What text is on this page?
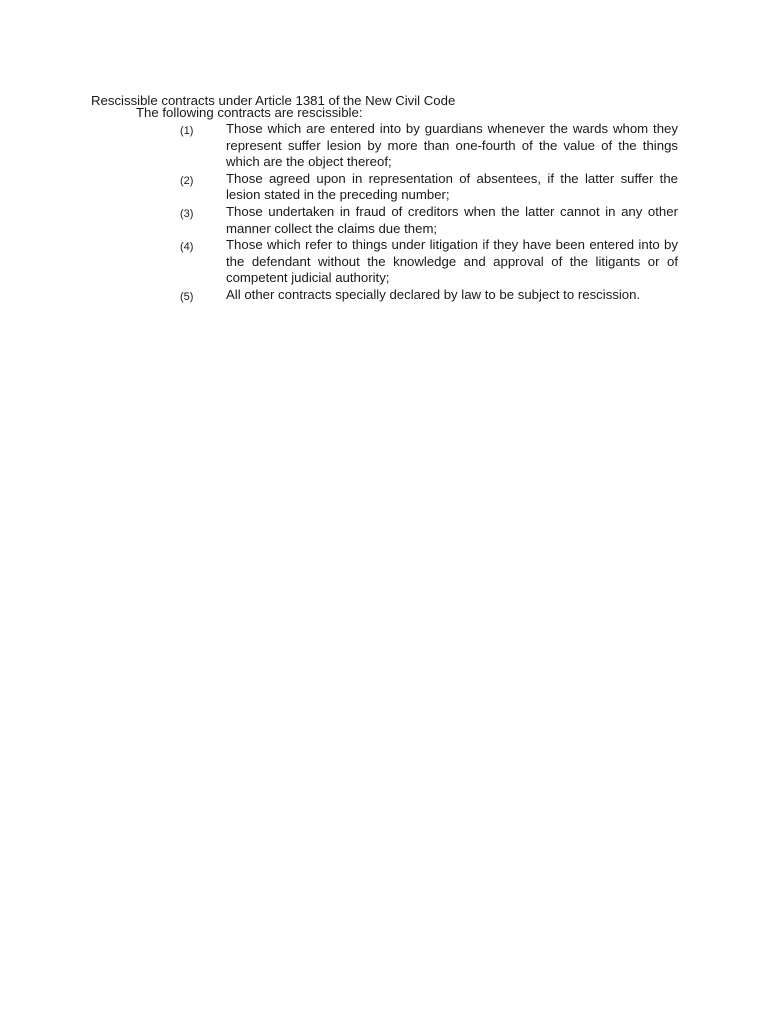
Rescissible contracts under Article 1381 of the New Civil Code
The following contracts are rescissible:
(1) Those which are entered into by guardians whenever the wards whom they represent suffer lesion by more than one-fourth of the value of the things which are the object thereof;
(2) Those agreed upon in representation of absentees, if the latter suffer the lesion stated in the preceding number;
(3) Those undertaken in fraud of creditors when the latter cannot in any other manner collect the claims due them;
(4) Those which refer to things under litigation if they have been entered into by the defendant without the knowledge and approval of the litigants or of competent judicial authority;
(5) All other contracts specially declared by law to be subject to rescission.
